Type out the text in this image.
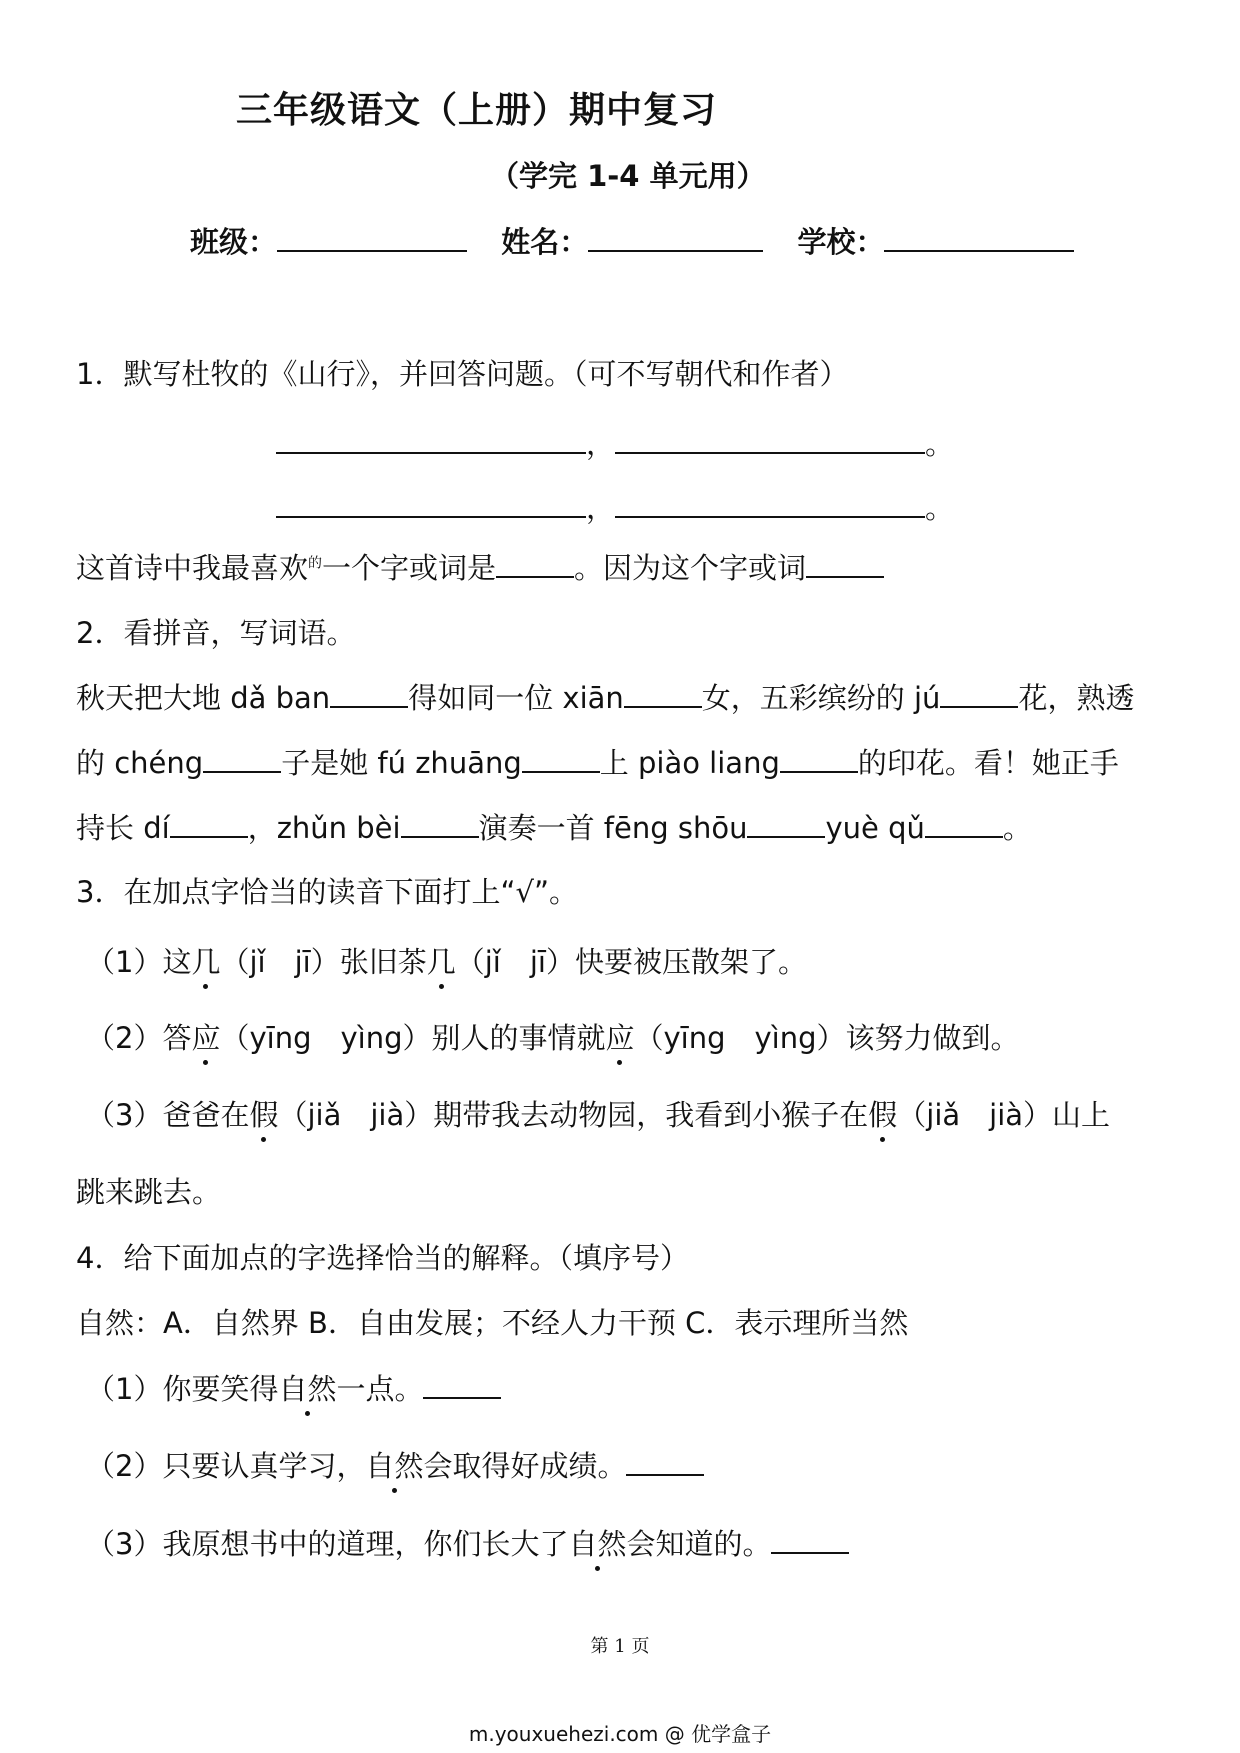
三年级语文（上册）期中复习
（学完 1-4 单元用）
班级：	姓名：	学校：
1．默写杜牧的《山行》，并回答问题。（可不写朝代和作者）
，	。
，	。
这首诗中我最喜欢$^的$一个字或词是	。因为这个字或词
2．看拼音，写词语。
秋天把大地 dǎ ban	得如同一位 xiān	女，五彩缤纷的 jú	花，熟透
的 chéng	子是她 fú zhuāng	上 piào liang	的印花。看！她正手
持长 dí	，zhǔn bèi	演奏一首 fēng shōu	yuè qǔ	。
3．在加点字恰当的读音下面打上“√”。
（1）这几（jǐ　jī）张旧茶几（jǐ　jī）快要被压散架了。
（2）答应（yīng　yìng）别人的事情就应（yīng　yìng）该努力做到。
（3）爸爸在假（jiǎ　jià）期带我去动物园，我看到小猴子在假（jiǎ　jià）山上
跳来跳去。
4．给下面加点的字选择恰当的解释。（填序号）
自然：A．自然界 B．自由发展；不经人力干预 C．表示理所当然
（1）你要笑得自然一点。
（2）只要认真学习，自然会取得好成绩。
（3）我原想书中的道理，你们长大了自然会知道的。
第 1 页
m.youxuehezi.com @ 优学盒子
